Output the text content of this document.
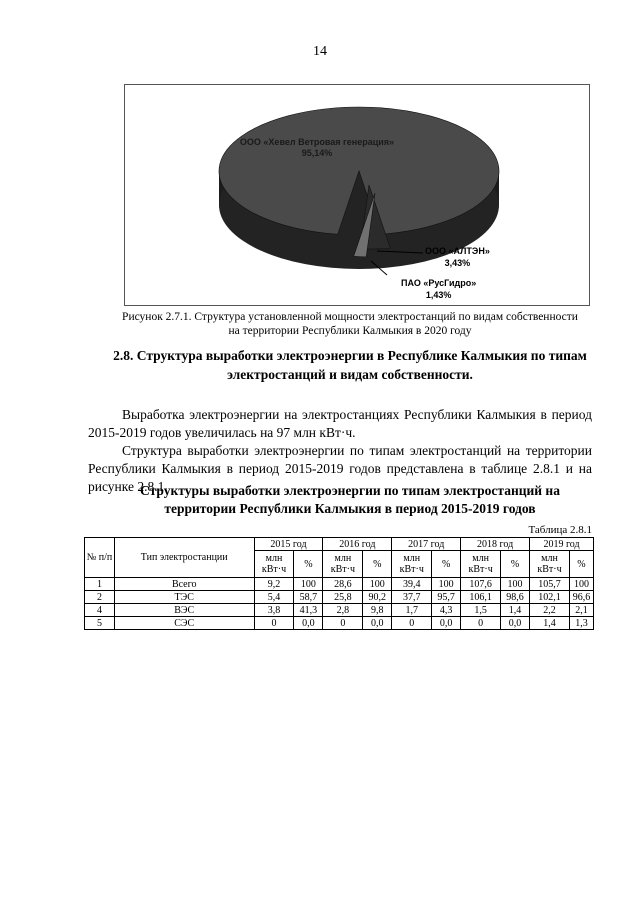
14
ООО «Хевел Ветровая генерация»
95,14%
ООО «АЛТЭН»
3,43%
ПАО «РусГидро»
1,43%
Рисунок 2.7.1. Структура установленной мощности электростанций по видам собственности
на территории Республики Калмыкия в 2020 году
2.8. Структура выработки электроэнергии в Республике Калмыкия по типам
электростанций и видам собственности.

Выработка электроэнергии на электростанциях Республики Калмыкия в период 2015-2019 годов увеличилась на 97 млн кВт·ч.

Структура выработки электроэнергии по типам электростанций на территории Республики Калмыкия в период 2015-2019 годов представлена в таблице 2.8.1 и на рисунке 2.8.1.

Структуры выработки электроэнергии по типам электростанций на
территории Республики Калмыкия в период 2015-2019 годов
Таблица 2.8.1
№ п/п	Тип электростанции	2015 год		2016 год		2017 год		2018 год		2019 год	
		млн кВт·ч	%	млн кВт·ч	%	млн кВт·ч	%	млн кВт·ч	%	млн кВт·ч	%
1	Всего	9,2	100	28,6	100	39,4	100	107,6	100	105,7	100
2	ТЭС	5,4	58,7	25,8	90,2	37,7	95,7	106,1	98,6	102,1	96,6
4	ВЭС	3,8	41,3	2,8	9,8	1,7	4,3	1,5	1,4	2,2	2,1
5	СЭС	0	0,0	0	0,0	0	0,0	0	0,0	1,4	1,3
